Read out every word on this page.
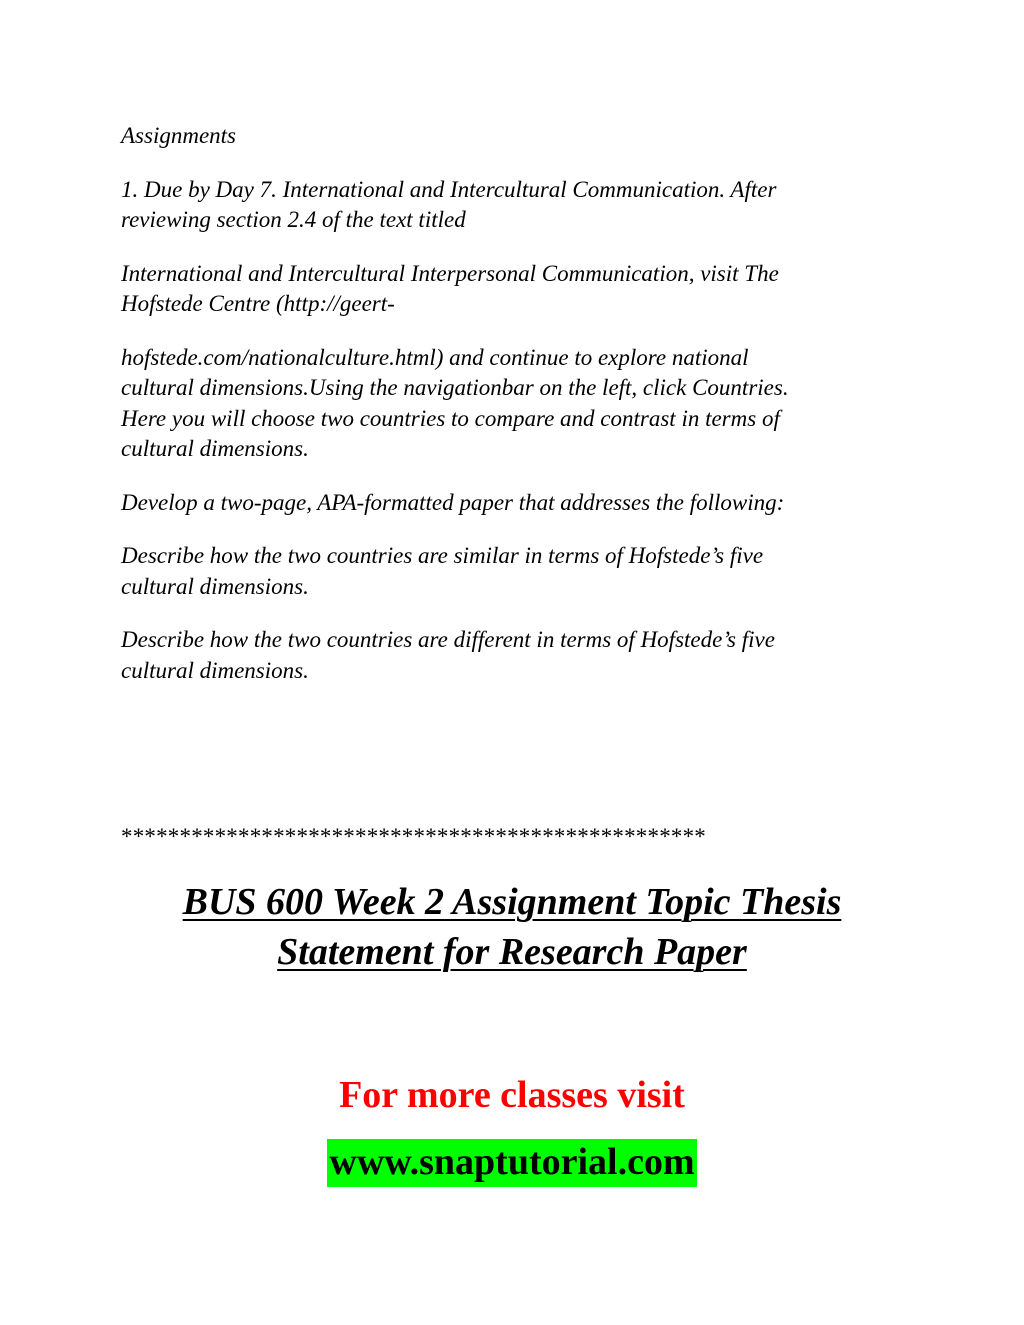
Assignments

1. Due by Day 7. International and Intercultural Communication. After
reviewing section 2.4 of the text titled

International and Intercultural Interpersonal Communication, visit The
Hofstede Centre (http://geert-

hofstede.com/nationalculture.html) and continue to explore national
cultural dimensions.Using the navigationbar on the left, click Countries.
Here you will choose two countries to compare and contrast in terms of
cultural dimensions.

Develop a two-page, APA-formatted paper that addresses the following:

Describe how the two countries are similar in terms of Hofstede’s five
cultural dimensions.

Describe how the two countries are different in terms of Hofstede’s five
cultural dimensions.

**************************************************

BUS 600 Week 2 Assignment Topic Thesis
Statement for Research Paper

For more classes visit

www.snaptutorial.com
